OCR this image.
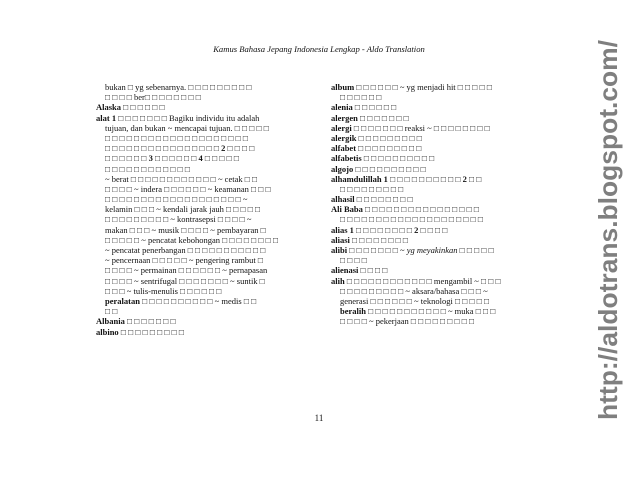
Kamus Bahasa Jepang Indonesia Lengkap - Aldo Translation
bukan □ yg sebenarnya. □ □ □ □ □ □ □ □ □
□ □ □ □ ber□ □ □ □ □ □ □ □
Alaska □ □ □ □ □ □
alat 1 □ □ □ □ □ □ □ Bagiku individu itu adalah
tujuan, dan bukan ~ mencapai tujuan. □ □ □ □ □
□ □ □ □ □ □ □ □ □ □ □ □ □ □ □ □ □ □ □ □
□ □ □ □ □ □ □ □ □ □ □ □ □ □ □ □ 2 □ □ □ □
□ □ □ □ □ □ 3 □ □ □ □ □ □ 4 □ □ □ □ □
□ □ □ □ □ □ □ □ □ □ □ □
~ berat □ □ □ □ □ □ □ □ □ □ □ □ ~ cetak □ □
□ □ □ □ ~ indera □ □ □ □ □ □ ~ keamanan □ □ □
□ □ □ □ □ □ □ □ □ □ □ □ □ □ □ □ □ □ □ ~
kelamin □ □ □ ~ kendali jarak jauh □ □ □ □ □
□ □ □ □ □ □ □ □ □ ~ kontrasepsi □ □ □ □ ~
makan □ □ □ ~ musik □ □ □ □ ~ pembayaran □
□ □ □ □ □ ~ pencatat kebohongan □ □ □ □ □ □ □ □
~ pencatat penerbangan □ □ □ □ □ □ □ □ □ □ □
~ pencernaan □ □ □ □ □ ~ pengering rambut □
□ □ □ □ ~ permainan □ □ □ □ □ □ ~ pernapasan
□ □ □ □ ~ sentrifugal □ □ □ □ □ □ □ ~ suntik □
□ □ □ ~ tulis-menulis □ □ □ □ □ □
peralatan □ □ □ □ □ □ □ □ □ □ ~ medis □ □
□ □
Albania □ □ □ □ □ □ □
albino □ □ □ □ □ □ □ □ □
album □ □ □ □ □ □ ~ yg menjadi hit □ □ □ □ □
□ □ □ □ □ □
alenia □ □ □ □ □ □
alergen □ □ □ □ □ □ □
alergi □ □ □ □ □ □ □ reaksi ~ □ □ □ □ □ □ □ □
alergik □ □ □ □ □ □ □ □ □
alfabet □ □ □ □ □ □ □ □ □
alfabetis □ □ □ □ □ □ □ □ □ □
algojo □ □ □ □ □ □ □ □ □ □
alhamdulillah 1 □ □ □ □ □ □ □ □ □ □ 2 □ □
□ □ □ □ □ □ □ □ □
alhasil □ □ □ □ □ □ □ □
Ali Baba □ □ □ □ □ □ □ □ □ □ □ □ □ □ □ □
□ □ □ □ □ □ □ □ □ □ □ □ □ □ □ □ □ □ □ □
alias 1 □ □ □ □ □ □ □ □ 2 □ □ □ □
aliasi □ □ □ □ □ □ □ □
alibi □ □ □ □ □ □ □ ~ yg meyakinkan □ □ □ □ □
□ □ □ □
alienasi □ □ □ □
alih □ □ □ □ □ □ □ □ □ □ □ □ mengambil ~ □ □ □
□ □ □ □ □ □ □ □ □ ~ aksara/bahasa □ □ □ ~
generasi □ □ □ □ □ □ ~ teknologi □ □ □ □ □
beralih □ □ □ □ □ □ □ □ □ □ □ ~ muka □ □ □
□ □ □ □ ~ pekerjaan □ □ □ □ □ □ □ □ □
11	http://aldotrans.blogspot.com/
